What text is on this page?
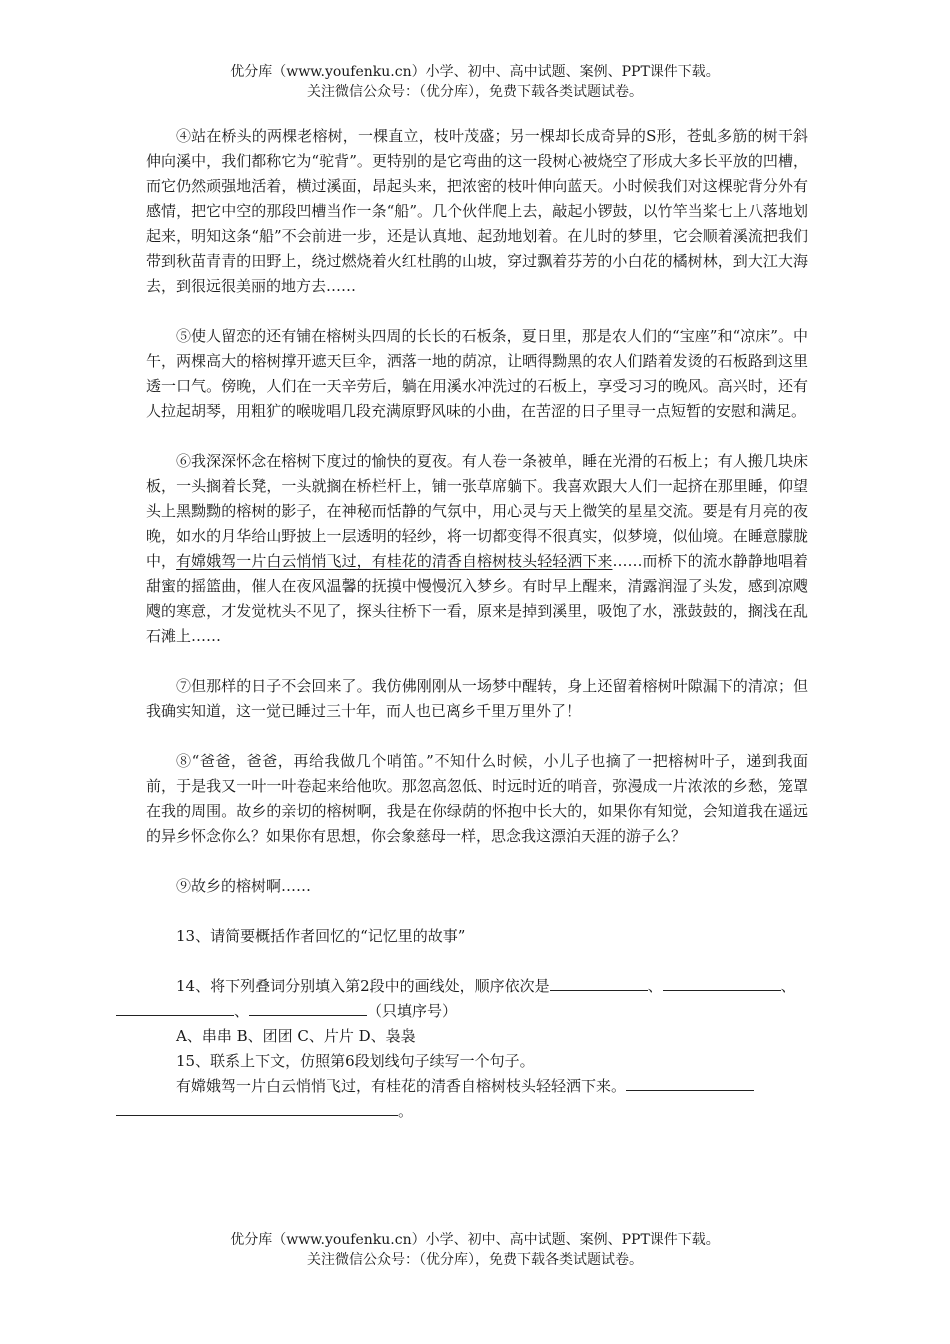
优分库（www.youfenku.cn）小学、初中、高中试题、案例、PPT课件下载。
关注微信公众号：（优分库），免费下载各类试题试卷。

④站在桥头的两棵老榕树，一棵直立，枝叶茂盛；另一棵却长成奇异的S形，苍虬多筋的树干斜伸向溪中，我们都称它为“驼背”。更特别的是它弯曲的这一段树心被烧空了形成大多长平放的凹槽，而它仍然顽强地活着，横过溪面，昂起头来，把浓密的枝叶伸向蓝天。小时候我们对这棵驼背分外有感情，把它中空的那段凹槽当作一条“船”。几个伙伴爬上去，敲起小锣鼓，以竹竿当桨七上八落地划起来，明知这条“船”不会前进一步，还是认真地、起劲地划着。在儿时的梦里，它会顺着溪流把我们带到秋苗青青的田野上，绕过燃烧着火红杜鹃的山坡，穿过飘着芬芳的小白花的橘树林，到大江大海去，到很远很美丽的地方去……

⑤使人留恋的还有铺在榕树头四周的长长的石板条，夏日里，那是农人们的“宝座”和“凉床”。中午，两棵高大的榕树撑开遮天巨伞，洒落一地的荫凉，让晒得黝黑的农人们踏着发烫的石板路到这里透一口气。傍晚，人们在一天辛劳后，躺在用溪水冲洗过的石板上，享受习习的晚风。高兴时，还有人拉起胡琴，用粗犷的喉咙唱几段充满原野风味的小曲，在苦涩的日子里寻一点短暂的安慰和满足。

⑥我深深怀念在榕树下度过的愉快的夏夜。有人卷一条被单，睡在光滑的石板上；有人搬几块床板，一头搁着长凳，一头就搁在桥栏杆上，铺一张草席躺下。我喜欢跟大人们一起挤在那里睡，仰望头上黑黝黝的榕树的影子，在神秘而恬静的气氛中，用心灵与天上微笑的星星交流。要是有月亮的夜晚，如水的月华给山野披上一层透明的轻纱，将一切都变得不很真实，似梦境，似仙境。在睡意朦胧中，有嫦娥驾一片白云悄悄飞过，有桂花的清香自榕树枝头轻轻洒下来……而桥下的流水静静地唱着甜蜜的摇篮曲，催人在夜风温馨的抚摸中慢慢沉入梦乡。有时早上醒来，清露润湿了头发，感到凉飕飕的寒意，才发觉枕头不见了，探头往桥下一看，原来是掉到溪里，吸饱了水，涨鼓鼓的，搁浅在乱石滩上……

⑦但那样的日子不会回来了。我仿佛刚刚从一场梦中醒转，身上还留着榕树叶隙漏下的清凉；但我确实知道，这一觉已睡过三十年，而人也已离乡千里万里外了！

⑧“爸爸，爸爸，再给我做几个哨笛。”不知什么时候，小儿子也摘了一把榕树叶子，递到我面前，于是我又一叶一叶卷起来给他吹。那忽高忽低、时远时近的哨音，弥漫成一片浓浓的乡愁，笼罩在我的周围。故乡的亲切的榕树啊，我是在你绿荫的怀抱中长大的，如果你有知觉，会知道我在遥远的异乡怀念你么？如果你有思想，你会象慈母一样，思念我这漂泊天涯的游子么？

⑨故乡的榕树啊……

13、请简要概括作者回忆的“记忆里的故事”

14、将下列叠词分别填入第2段中的画线处，顺序依次是	、	、
、	（只填序号）

A、串串 B、团团 C、片片 D、袅袅

15、联系上下文，仿照第6段划线句子续写一个句子。

有嫦娥驾一片白云悄悄飞过，有桂花的清香自榕树枝头轻轻洒下来。
。

优分库（www.youfenku.cn）小学、初中、高中试题、案例、PPT课件下载。
关注微信公众号：（优分库），免费下载各类试题试卷。
